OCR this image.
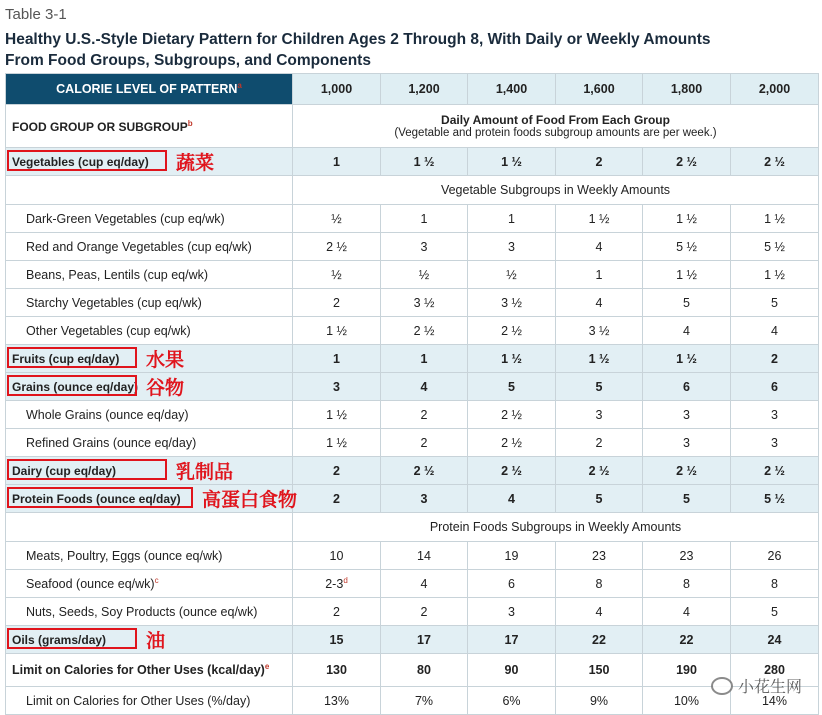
Table 3-1
Healthy U.S.-Style Dietary Pattern for Children Ages 2 Through 8, With Daily or Weekly Amounts
From Food Groups, Subgroups, and Components
CALORIE LEVEL OF PATTERN$^a$	1,000	1,200	1,400	1,600	1,800	2,000
FOOD GROUP OR SUBGROUP$^b$	Daily Amount of Food From Each Group
(Vegetable and protein foods subgroup amounts are per week.)					

Vegetables (cup eq/day) 蔬菜	1	1 ½	1 ½	2	2 ½	2 ½
	Vegetable Subgroups in Weekly Amounts					
Dark-Green Vegetables (cup eq/wk)	½	1	1	1 ½	1 ½	1 ½
Red and Orange Vegetables (cup eq/wk)	2 ½	3	3	4	5 ½	5 ½
Beans, Peas, Lentils (cup eq/wk)	½	½	½	1	1 ½	1 ½
Starchy Vegetables (cup eq/wk)	2	3 ½	3 ½	4	5	5
Other Vegetables (cup eq/wk)	1 ½	2 ½	2 ½	3 ½	4	4
Fruits (cup eq/day) 水果	1	1	1 ½	1 ½	1 ½	2
Grains (ounce eq/day) 谷物	3	4	5	5	6	6
Whole Grains (ounce eq/day)	1 ½	2	2 ½	3	3	3
Refined Grains (ounce eq/day)	1 ½	2	2 ½	2	3	3
Dairy (cup eq/day) 乳制品	2	2 ½	2 ½	2 ½	2 ½	2 ½
Protein Foods (ounce eq/day) 高蛋白食物	2	3	4	5	5	5 ½
	Protein Foods Subgroups in Weekly Amounts					
Meats, Poultry, Eggs (ounce eq/wk)	10	14	19	23	23	26
Seafood (ounce eq/wk)$^c$	2-3$^d$	4	6	8	8	8
Nuts, Seeds, Soy Products (ounce eq/wk)	2	2	3	4	4	5
Oils (grams/day) 油	15	17	17	22	22	24
Limit on Calories for Other Uses (kcal/day)$^e$	130	80	90	150	190	280
Limit on Calories for Other Uses (%/day)	13%	7%	6%	9%	10%	14%
小花生网
